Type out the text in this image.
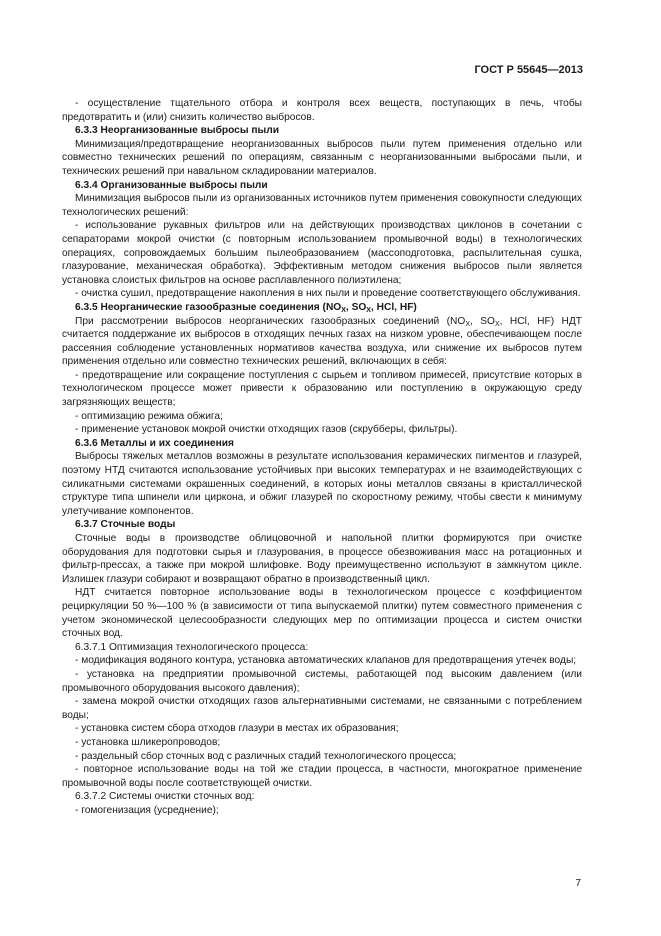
ГОСТ Р 55645—2013

- осуществление тщательного отбора и контроля всех веществ, поступающих в печь, чтобы предотвратить и (или) снизить количество выбросов.

6.3.3 Неорганизованные выбросы пыли

Минимизация/предотвращение неорганизованных выбросов пыли путем применения отдельно или совместно технических решений по операциям, связанным с неорганизованными выбросами пыли, и технических решений при навальном складировании материалов.

6.3.4 Организованные выбросы пыли

Минимизация выбросов пыли из организованных источников путем применения совокупности следующих технологических решений:

- использование рукавных фильтров или на действующих производствах циклонов в сочетании с сепараторами мокрой очистки (с повторным использованием промывочной воды) в технологических операциях, сопровождаемых большим пылеобразованием (массоподготовка, распылительная сушка, глазурование, механическая обработка). Эффективным методом снижения выбросов пыли является установка слоистых фильтров на основе расплавленного полиэтилена;

- очистка сушил, предотвращение накопления в них пыли и проведение соответствующего обслуживания.

6.3.5 Неорганические газообразные соединения ($NO_X$, $SO_X$, HCl, HF)

При рассмотрении выбросов неорганических газообразных соединений ($NO_X$, $SO_X$, HCl, HF) НДТ считается поддержание их выбросов в отходящих печных газах на низком уровне, обеспечивающем после рассеяния соблюдение установленных нормативов качества воздуха, или снижение их выбросов путем применения отдельно или совместно технических решений, включающих в себя:

- предотвращение или сокращение поступления с сырьем и топливом примесей, присутствие которых в технологическом процессе может привести к образованию или поступлению в окружающую среду загрязняющих веществ;

- оптимизацию режима обжига;

- применение установок мокрой очистки отходящих газов (скрубберы, фильтры).

6.3.6 Металлы и их соединения

Выбросы тяжелых металлов возможны в результате использования керамических пигментов и глазурей, поэтому НТД считаются использование устойчивых при высоких температурах и не взаимодействующих с силикатными системами окрашенных соединений, в которых ионы металлов связаны в кристаллической структуре типа шпинели или циркона, и обжиг глазурей по скоростному режиму, чтобы свести к минимуму улетучивание компонентов.

6.3.7 Сточные воды

Сточные воды в производстве облицовочной и напольной плитки формируются при очистке оборудования для подготовки сырья и глазурования, в процессе обезвоживания масс на ротационных и фильтр-прессах, а также при мокрой шлифовке. Воду преимущественно используют в замкнутом цикле. Излишек глазури собирают и возвращают обратно в производственный цикл.

НДТ считается повторное использование воды в технологическом процессе с коэффициентом рециркуляции 50 %—100 % (в зависимости от типа выпускаемой плитки) путем совместного применения с учетом экономической целесообразности следующих мер по оптимизации процесса и систем очистки сточных вод.

6.3.7.1 Оптимизация технологического процесса:

- модификация водяного контура, установка автоматических клапанов для предотвращения утечек воды;

- установка на предприятии промывочной системы, работающей под высоким давлением (или промывочного оборудования высокого давления);

- замена мокрой очистки отходящих газов альтернативными системами, не связанными с потреблением воды;

- установка систем сбора отходов глазури в местах их образования;

- установка шликеропроводов;

- раздельный сбор сточных вод с различных стадий технологического процесса;

- повторное использование воды на той же стадии процесса, в частности, многократное применение промывочной воды после соответствующей очистки.

6.3.7.2 Системы очистки сточных вод:

- гомогенизация (усреднение);

7
